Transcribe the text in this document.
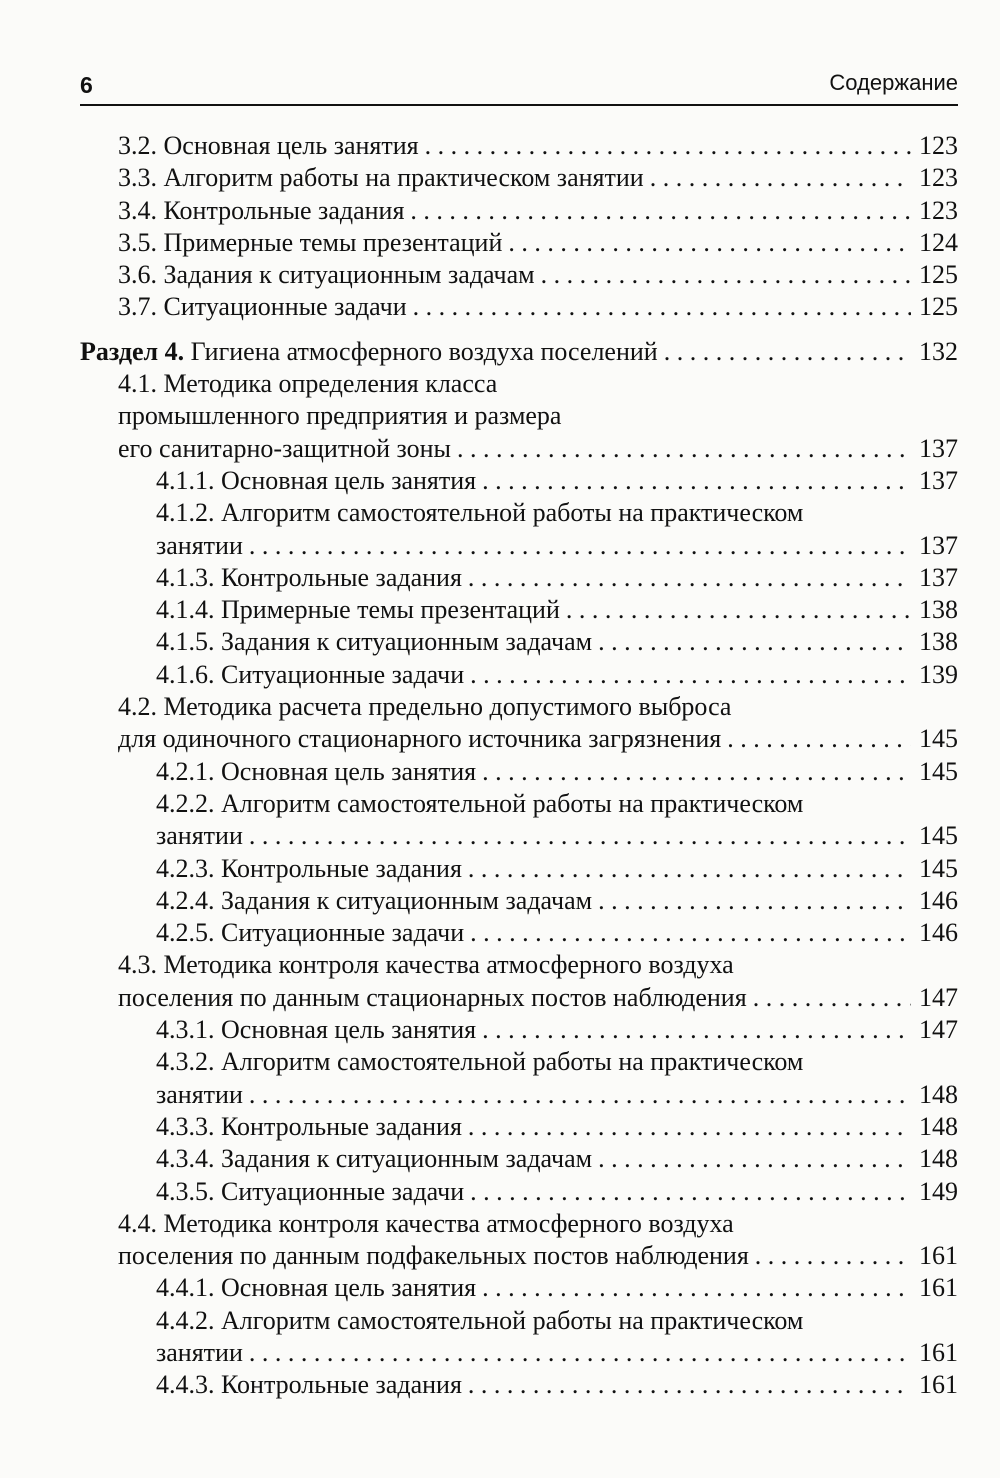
6	Содержание
3.2. Основная цель занятия . . .	123
3.3. Алгоритм работы на практическом занятии . . .	123
3.4. Контрольные задания . . .	123
3.5. Примерные темы презентаций . . .	124
3.6. Задания к ситуационным задачам . . .	125
3.7. Ситуационные задачи . . .	125
Раздел 4. Гигиена атмосферного воздуха поселений . . .	132
4.1. Методика определения класса
промышленного предприятия и размера
его санитарно-защитной зоны . . .	137
4.1.1. Основная цель занятия . . .	137
4.1.2. Алгоритм самостоятельной работы на практическом
занятии . . .	137
4.1.3. Контрольные задания . . .	137
4.1.4. Примерные темы презентаций . . .	138
4.1.5. Задания к ситуационным задачам . . .	138
4.1.6. Ситуационные задачи . . .	139
4.2. Методика расчета предельно допустимого выброса
для одиночного стационарного источника загрязнения . . .	145
4.2.1. Основная цель занятия . . .	145
4.2.2. Алгоритм самостоятельной работы на практическом
занятии . . .	145
4.2.3. Контрольные задания . . .	145
4.2.4. Задания к ситуационным задачам . . .	146
4.2.5. Ситуационные задачи . . .	146
4.3. Методика контроля качества атмосферного воздуха
поселения по данным стационарных постов наблюдения . . .	147
4.3.1. Основная цель занятия . . .	147
4.3.2. Алгоритм самостоятельной работы на практическом
занятии . . .	148
4.3.3. Контрольные задания . . .	148
4.3.4. Задания к ситуационным задачам . . .	148
4.3.5. Ситуационные задачи . . .	149
4.4. Методика контроля качества атмосферного воздуха
поселения по данным подфакельных постов наблюдения . . .	161
4.4.1. Основная цель занятия . . .	161
4.4.2. Алгоритм самостоятельной работы на практическом
занятии . . .	161
4.4.3. Контрольные задания . . .	161
